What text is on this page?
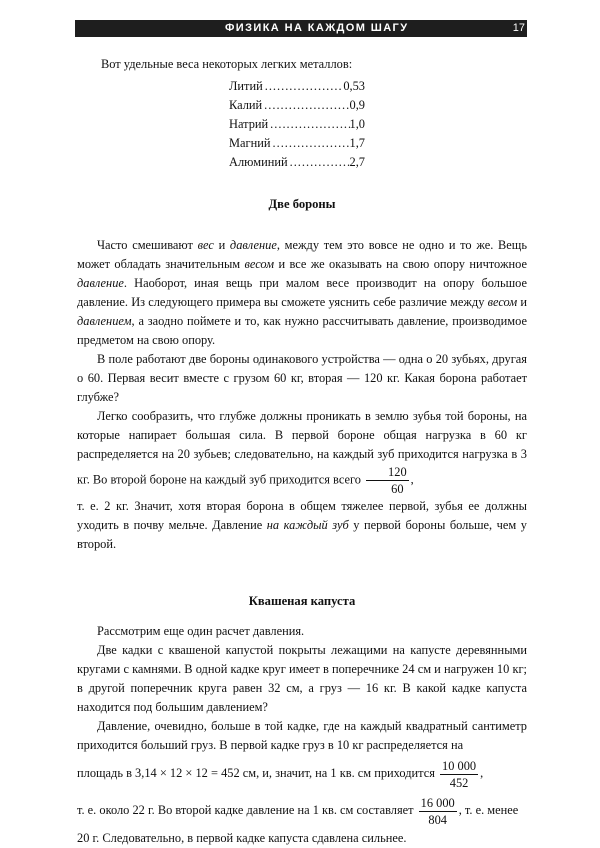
ФИЗИКА НА КАЖДОМ ШАГУ	17

Вот удельные веса некоторых легких металлов:

Литий .....	0,53
Калий .....	0,9
Натрий .....	1,0
Магний .....	1,7
Алюминий .....	2,7
Две бороны

Часто смешивают вес и давление, между тем это вовсе не одно и то же. Вещь может обладать значительным весом и все же оказывать на свою опору ничтожное давление. Наоборот, иная вещь при малом весе производит на опору большое давление. Из следующего примера вы сможете уяснить себе различие между весом и давлением, а заодно поймете и то, как нужно рассчитывать давление, производимое предметом на свою опору.

В поле работают две бороны одинакового устройства — одна о 20 зубьях, другая о 60. Первая весит вместе с грузом 60 кг, вторая — 120 кг. Какая борона работает глубже?

Легко сообразить, что глубже должны проникать в землю зубья той бороны, на которые напирает большая сила. В первой бороне общая нагрузка в 60 кг распределяется на 20 зубьев; следовательно, на каждый зуб приходится нагрузка в 3 кг. Во второй бороне на каждый зуб приходится всего $\frac{120}{60}$ ,

т. е. 2 кг. Значит, хотя вторая борона в общем тяжелее первой, зубья ее должны уходить в почву мельче. Давление на каждый зуб у первой бороны больше, чем у второй.

Квашеная капуста

Рассмотрим еще один расчет давления.

Две кадки с квашеной капустой покрыты лежащими на капусте деревянными кругами с камнями. В одной кадке круг имеет в поперечнике 24 см и нагружен 10 кг; в другой поперечник круга равен 32 см, а груз — 16 кг. В какой кадке капуста находится под большим давлением?

Давление, очевидно, больше в той кадке, где на каждый квадратный сантиметр приходится больший груз. В первой кадке груз в 10 кг распределяется на

площадь в 3,14 × 12 × 12 = 452 см, и, значит, на 1 кв. см приходится $\frac{10 000}{452}$ ,

т. е. около 22 г. Во второй кадке давление на 1 кв. см составляет $\frac{16 000}{804}$ , т. е. менее

20 г. Следовательно, в первой кадке капуста сдавлена сильнее.
